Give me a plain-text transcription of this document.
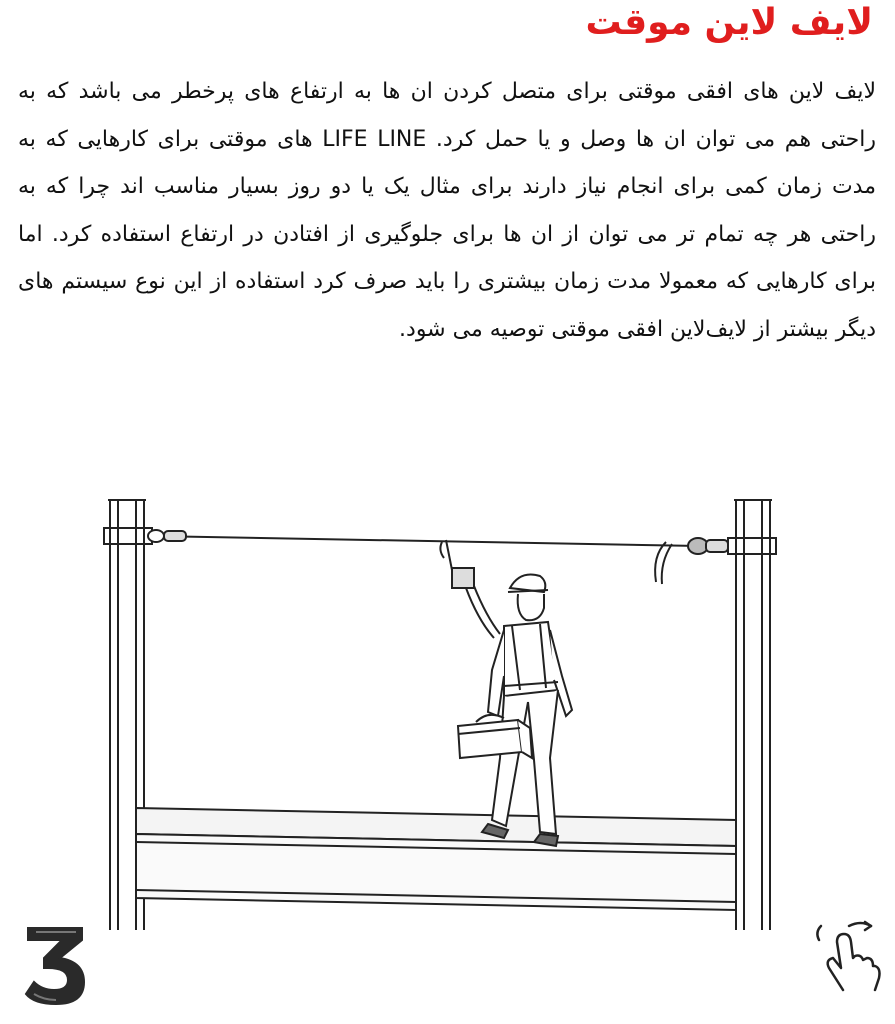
لایف لاین موقت
لایف لاین های افقی موقتی برای متصل کردن ان ها به ارتفاع های پرخطر می باشد که به راحتی هم می توان ان ها وصل و یا حمل کرد. LIFE LINE های موقتی برای کارهایی که به مدت زمان کمی برای انجام نیاز دارند برای مثال یک یا دو روز بسیار مناسب اند چرا که به راحتی هر چه تمام تر می توان از ان ها برای جلوگیری از افتادن در ارتفاع استفاده کرد. اما برای کارهایی که معمولا مدت زمان بیشتری را باید صرف کرد استفاده از این نوع سیستم های دیگر بیشتر از لایف‌لاین افقی موقتی توصیه می شود.
